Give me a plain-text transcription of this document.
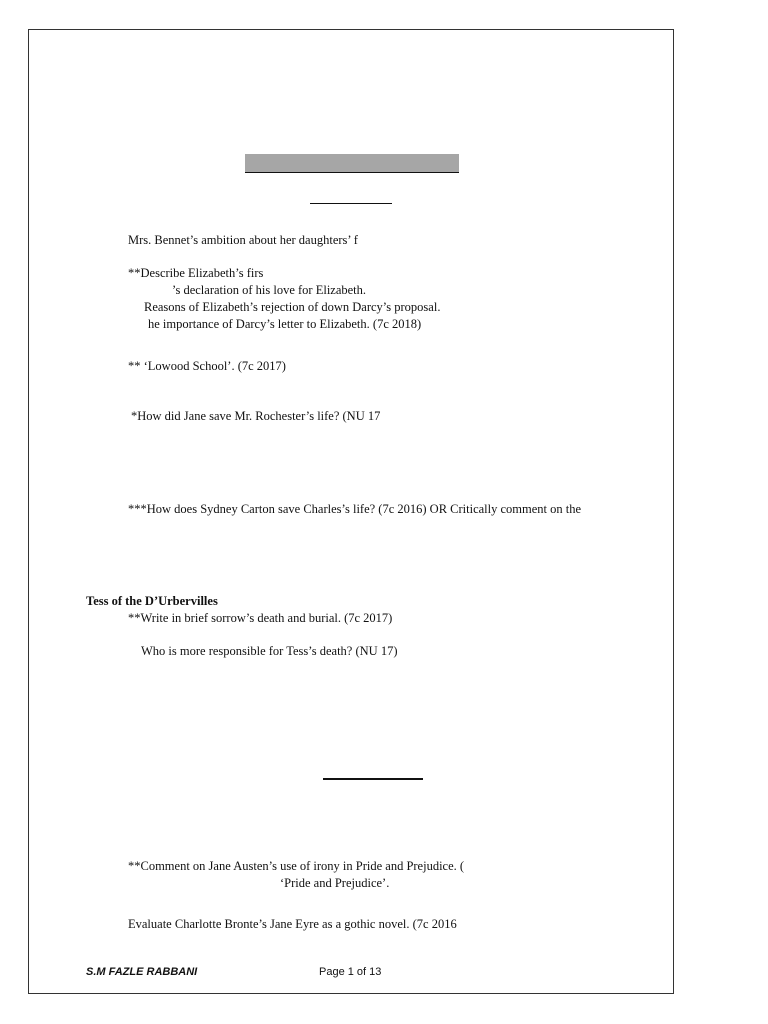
Mrs. Bennet’s ambition about her daughters’ f
**Describe Elizabeth’s firs
’s declaration of his love for Elizabeth.
Reasons of Elizabeth’s rejection of down Darcy’s proposal.
he importance of Darcy’s letter to Elizabeth. (7c 2018)
** ‘Lowood School’. (7c 2017)
*How did Jane save Mr. Rochester’s life? (NU 17
***How does Sydney Carton save Charles’s life? (7c 2016) OR Critically comment on the
Tess of the D’Urbervilles
**Write in brief sorrow’s death and burial. (7c 2017)
Who is more responsible for Tess’s death? (NU 17)
**Comment on Jane Austen’s use of irony in Pride and Prejudice. (
‘Pride and Prejudice’.
Evaluate Charlotte Bronte’s Jane Eyre as a gothic novel. (7c 2016
S.M FAZLE RABBANI	Page 1 of 13
